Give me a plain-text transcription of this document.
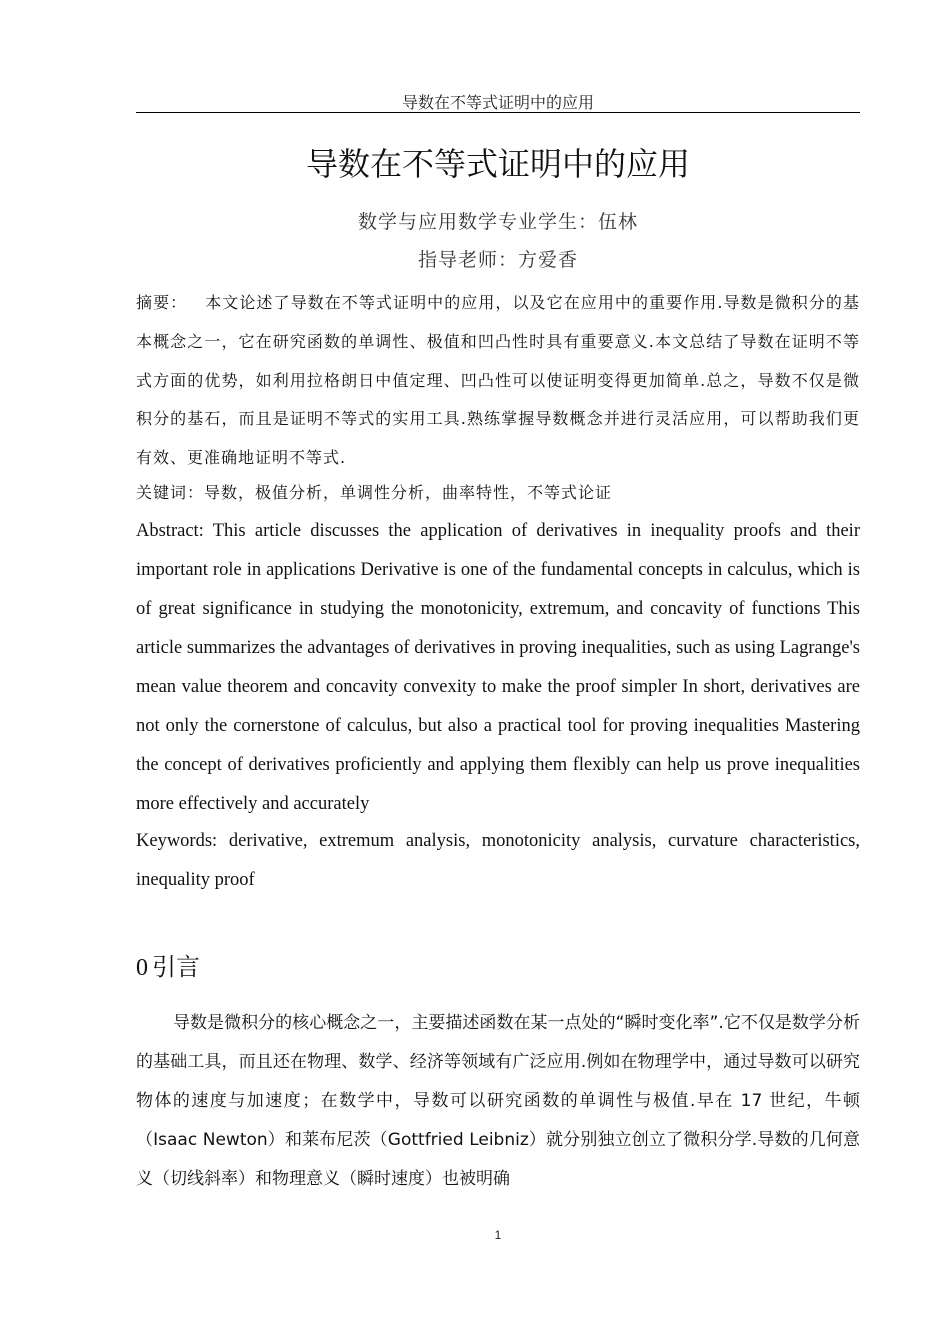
导数在不等式证明中的应用
导数在不等式证明中的应用
数学与应用数学专业学生：伍林
指导老师：方爱香
摘要： 本文论述了导数在不等式证明中的应用，以及它在应用中的重要作用.导数是微积分的基本概念之一，它在研究函数的单调性、极值和凹凸性时具有重要意义.本文总结了导数在证明不等式方面的优势，如利用拉格朗日中值定理、凹凸性可以使证明变得更加简单.总之，导数不仅是微积分的基石，而且是证明不等式的实用工具.熟练掌握导数概念并进行灵活应用，可以帮助我们更有效、更准确地证明不等式.
关键词：导数，极值分析，单调性分析，曲率特性，不等式论证
Abstract: This article discusses the application of derivatives in inequality proofs and their important role in applications Derivative is one of the fundamental concepts in calculus, which is of great significance in studying the monotonicity, extremum, and concavity of functions This article summarizes the advantages of derivatives in proving inequalities, such as using Lagrange's mean value theorem and concavity convexity to make the proof simpler In short, derivatives are not only the cornerstone of calculus, but also a practical tool for proving inequalities Mastering the concept of derivatives proficiently and applying them flexibly can help us prove inequalities more effectively and accurately
Keywords: derivative, extremum analysis, monotonicity analysis, curvature characteristics, inequality proof
0 引言
导数是微积分的核心概念之一，主要描述函数在某一点处的“瞬时变化率”.它不仅是数学分析的基础工具，而且还在物理、数学、经济等领域有广泛应用.例如在物理学中，通过导数可以研究物体的速度与加速度；在数学中，导数可以研究函数的单调性与极值.早在 17 世纪，牛顿（Isaac Newton）和莱布尼茨（Gottfried Leibniz）就分别独立创立了微积分学.导数的几何意义（切线斜率）和物理意义（瞬时速度）也被明确
1
